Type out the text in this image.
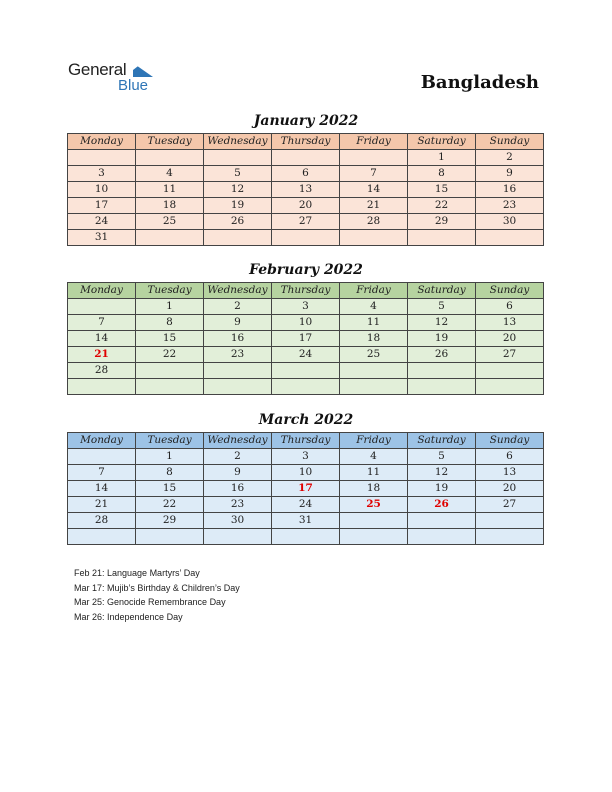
General
Blue	Bangladesh
January 2022
Monday	Tuesday	Wednesday	Thursday	Friday	Saturday	Sunday
					1	2
3	4	5	6	7	8	9
10	11	12	13	14	15	16
17	18	19	20	21	22	23
24	25	26	27	28	29	30
31						
February 2022
Monday	Tuesday	Wednesday	Thursday	Friday	Saturday	Sunday
	1	2	3	4	5	6
7	8	9	10	11	12	13
14	15	16	17	18	19	20
21	22	23	24	25	26	27
28						

March 2022
Monday	Tuesday	Wednesday	Thursday	Friday	Saturday	Sunday
	1	2	3	4	5	6
7	8	9	10	11	12	13
14	15	16	17	18	19	20
21	22	23	24	25	26	27
28	29	30	31			

Feb 21: Language Martyrs’ Day
Mar 17: Mujib’s Birthday & Children’s Day
Mar 25: Genocide Remembrance Day
Mar 26: Independence Day
